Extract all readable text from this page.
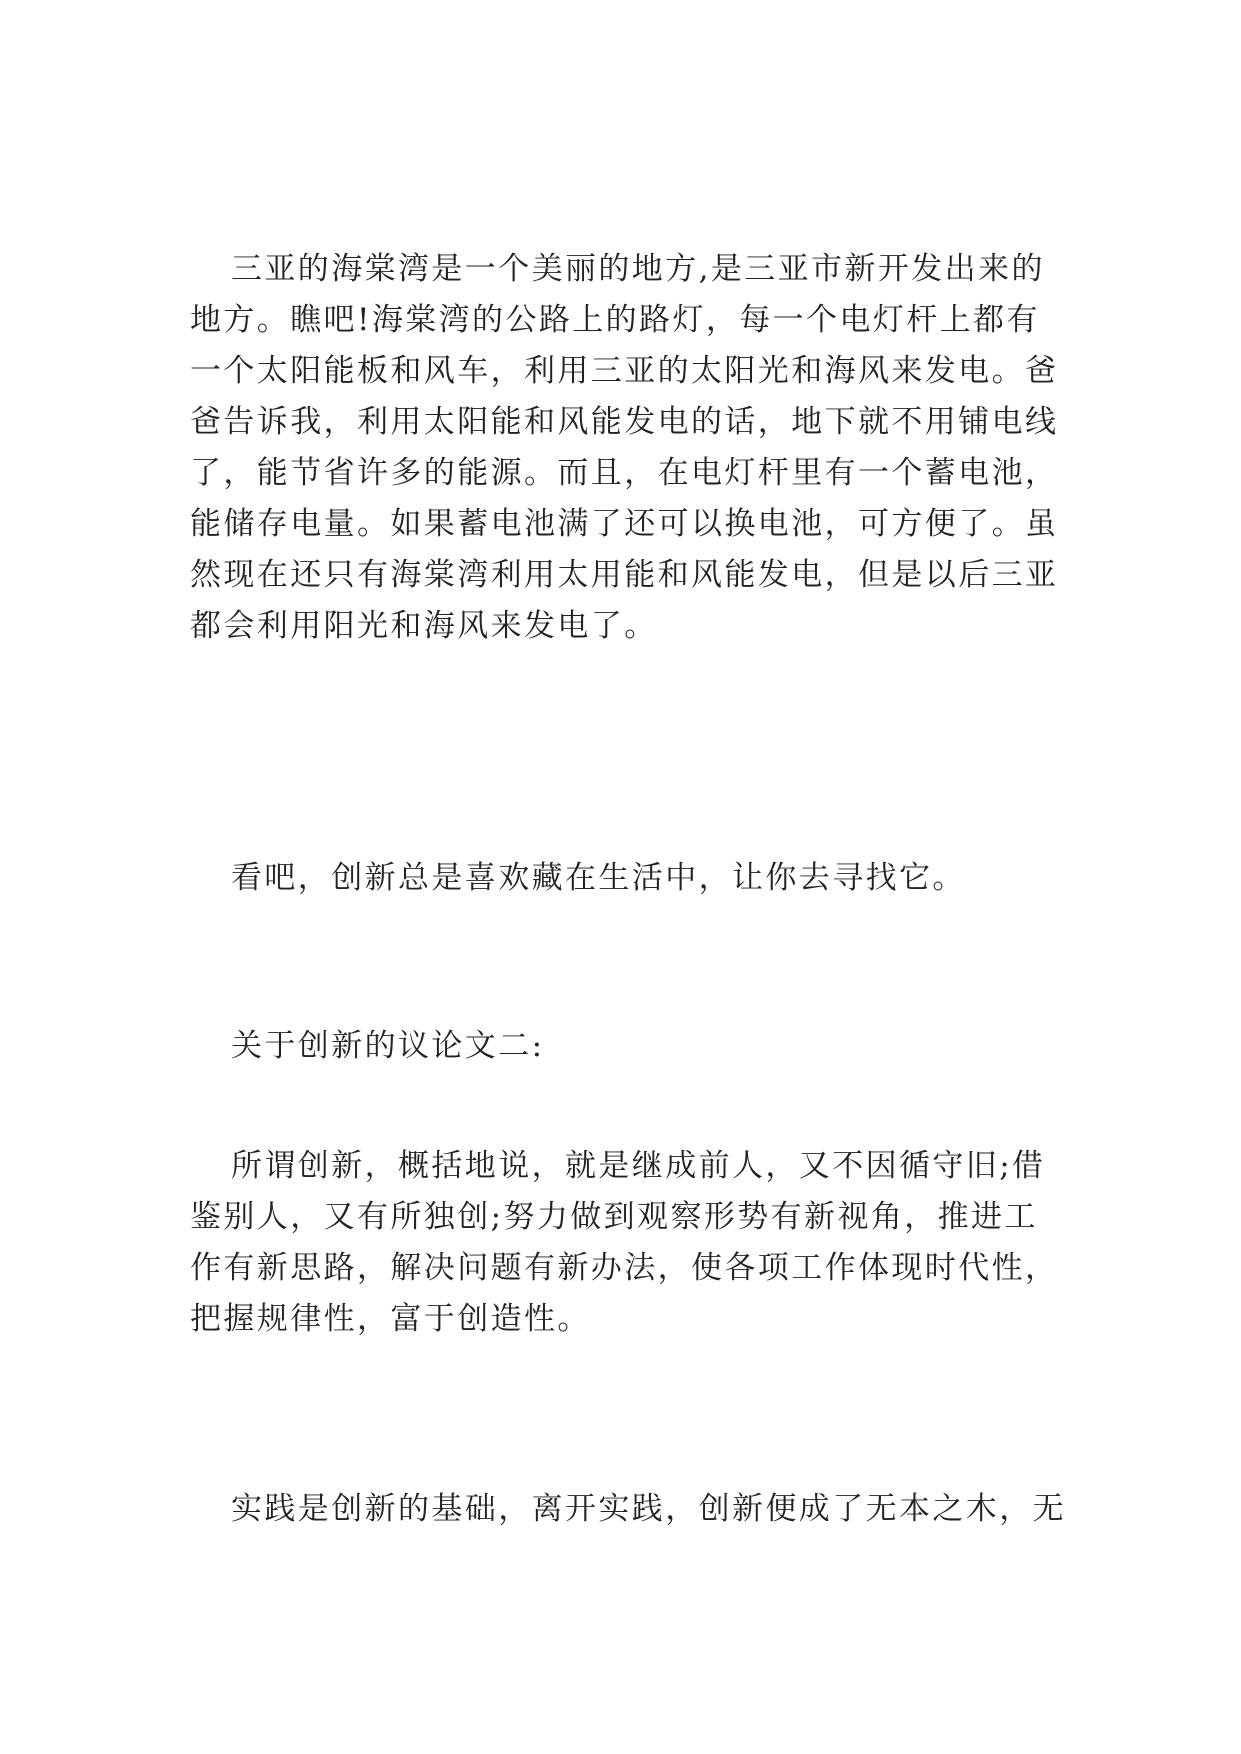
三亚的海棠湾是一个美丽的地方,是三亚市新开发出来的
地方。瞧吧!海棠湾的公路上的路灯，每一个电灯杆上都有
一个太阳能板和风车，利用三亚的太阳光和海风来发电。爸
爸告诉我，利用太阳能和风能发电的话，地下就不用铺电线
了，能节省许多的能源。而且，在电灯杆里有一个蓄电池，
能储存电量。如果蓄电池满了还可以换电池，可方便了。虽
然现在还只有海棠湾利用太用能和风能发电，但是以后三亚
都会利用阳光和海风来发电了。
看吧，创新总是喜欢藏在生活中，让你去寻找它。
关于创新的议论文二:
所谓创新，概括地说，就是继成前人，又不因循守旧;借
鉴别人，又有所独创;努力做到观察形势有新视角，推进工
作有新思路，解决问题有新办法，使各项工作体现时代性，
把握规律性，富于创造性。
实践是创新的基础，离开实践，创新便成了无本之木，无
